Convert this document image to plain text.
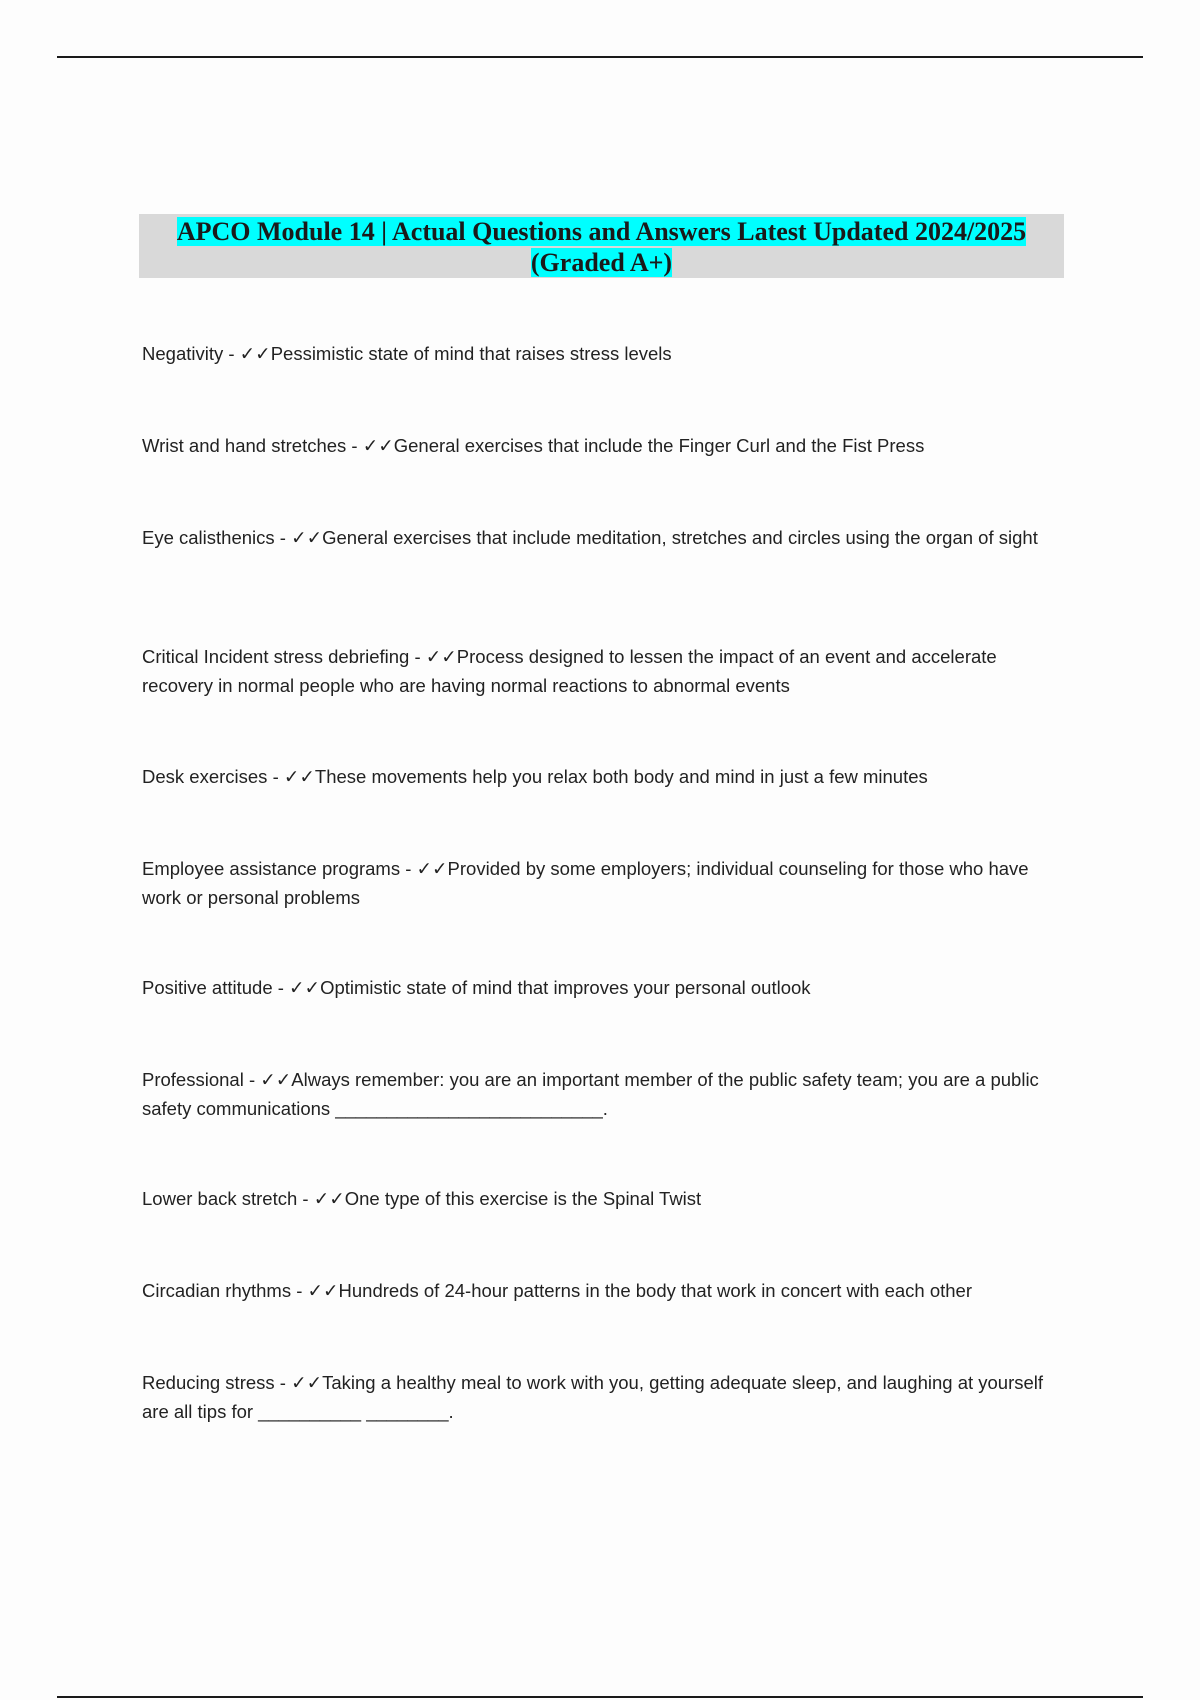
APCO Module 14 | Actual Questions and Answers Latest Updated 2024/2025
(Graded A+)

Negativity - ✓✓Pessimistic state of mind that raises stress levels

Wrist and hand stretches - ✓✓General exercises that include the Finger Curl and the Fist Press

Eye calisthenics - ✓✓General exercises that include meditation, stretches and circles using the organ of sight

Critical Incident stress debriefing - ✓✓Process designed to lessen the impact of an event and accelerate recovery in normal people who are having normal reactions to abnormal events

Desk exercises - ✓✓These movements help you relax both body and mind in just a few minutes

Employee assistance programs - ✓✓Provided by some employers; individual counseling for those who have work or personal problems

Positive attitude - ✓✓Optimistic state of mind that improves your personal outlook

Professional - ✓✓Always remember: you are an important member of the public safety team; you are a public safety communications __________________________.

Lower back stretch - ✓✓One type of this exercise is the Spinal Twist

Circadian rhythms - ✓✓Hundreds of 24-hour patterns in the body that work in concert with each other

Reducing stress - ✓✓Taking a healthy meal to work with you, getting adequate sleep, and laughing at yourself are all tips for __________ ________.
